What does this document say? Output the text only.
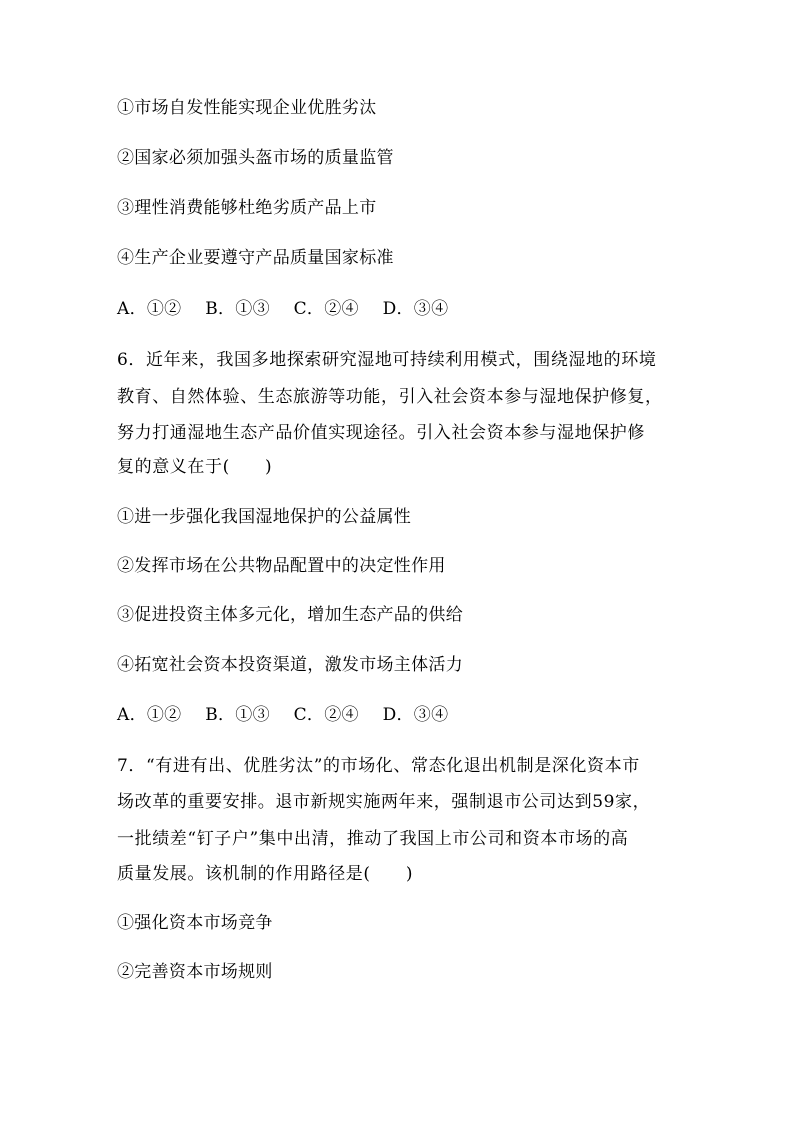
①市场自发性能实现企业优胜劣汰
②国家必须加强头盔市场的质量监管
③理性消费能够杜绝劣质产品上市
④生产企业要遵守产品质量国家标准
A．①② B．①③ C．②④ D．③④
6．近年来，我国多地探索研究湿地可持续利用模式，围绕湿地的环境
教育、自然体验、生态旅游等功能，引入社会资本参与湿地保护修复，
努力打通湿地生态产品价值实现途径。引入社会资本参与湿地保护修
复的意义在于(　　)
①进一步强化我国湿地保护的公益属性
②发挥市场在公共物品配置中的决定性作用
③促进投资主体多元化，增加生态产品的供给
④拓宽社会资本投资渠道，激发市场主体活力
A．①② B．①③ C．②④ D．③④
7．“有进有出、优胜劣汰”的市场化、常态化退出机制是深化资本市
场改革的重要安排。退市新规实施两年来，强制退市公司达到59家，
一批绩差“钉子户”集中出清，推动了我国上市公司和资本市场的高
质量发展。该机制的作用路径是(　　)
①强化资本市场竞争
②完善资本市场规则
